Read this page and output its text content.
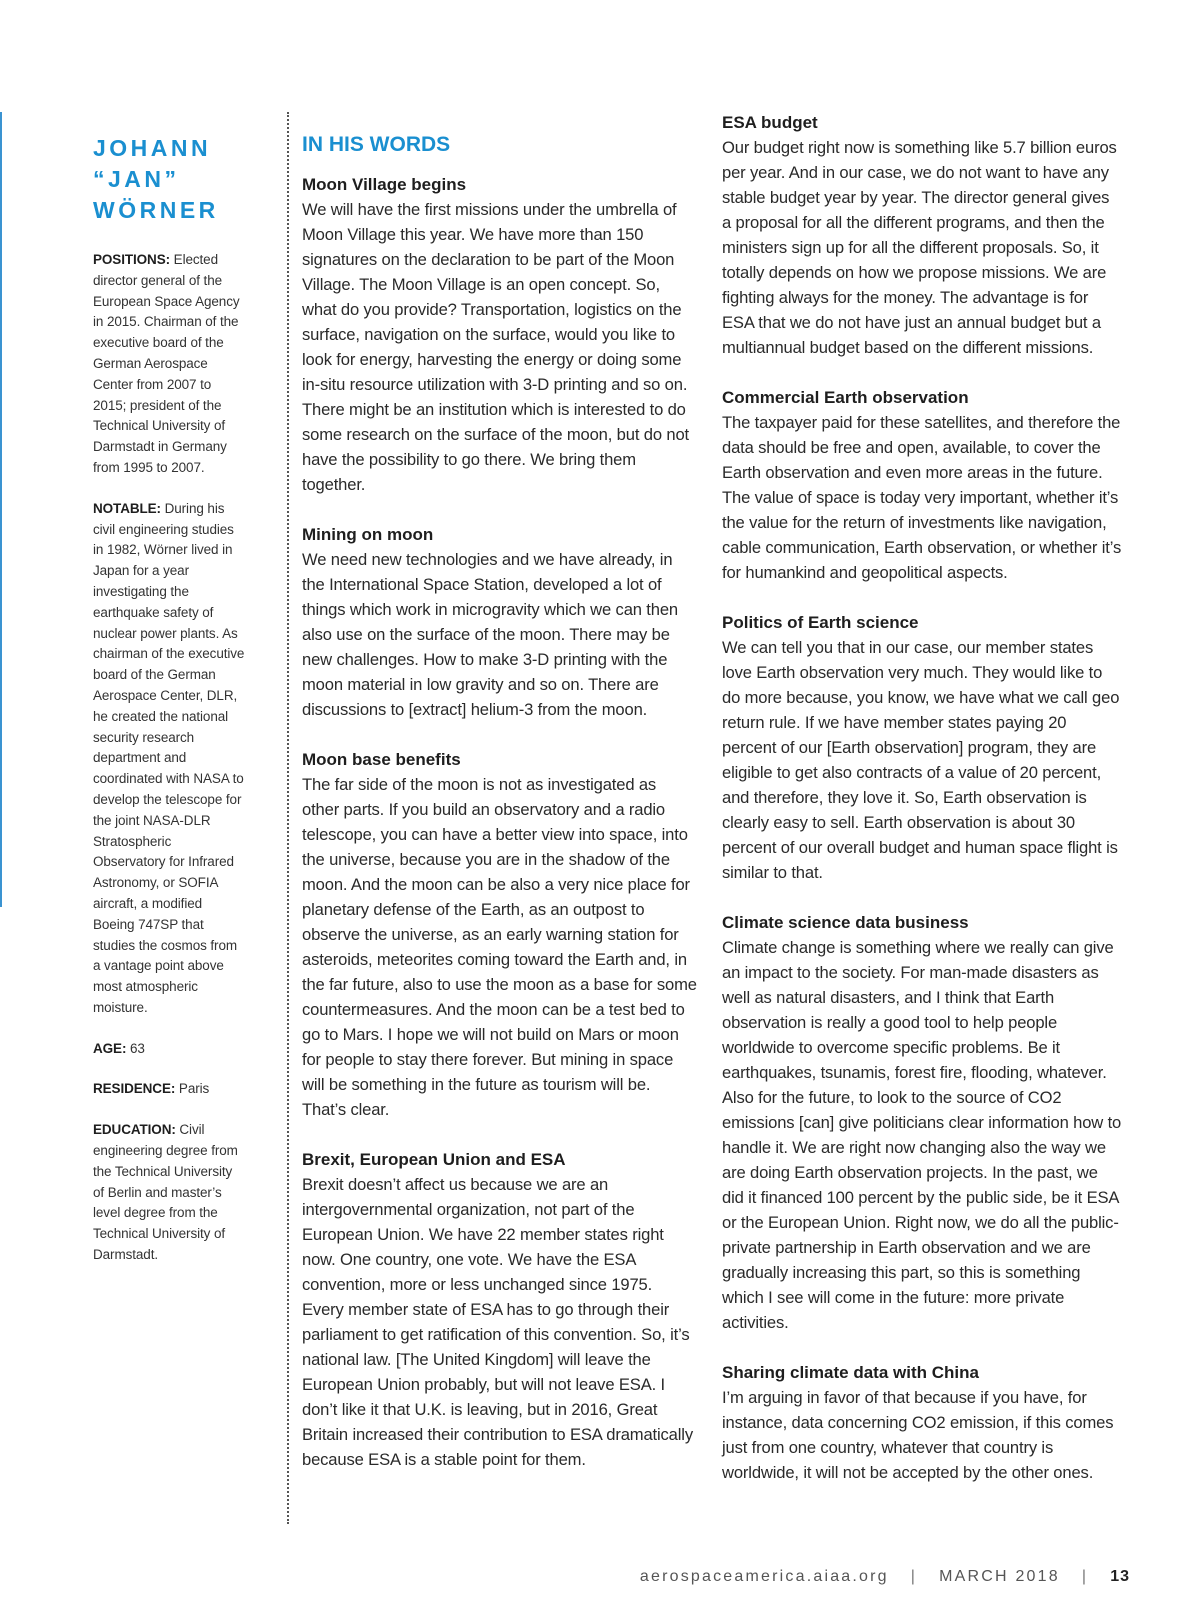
JOHANN
“JAN”
WÖRNER

POSITIONS: Elected director general of the European Space Agency in 2015. Chairman of the executive board of the German Aerospace Center from 2007 to 2015; president of the Technical University of Darmstadt in Germany from 1995 to 2007.

NOTABLE: During his civil engineering studies in 1982, Wörner lived in Japan for a year investigating the earthquake safety of nuclear power plants. As chairman of the executive board of the German Aerospace Center, DLR, he created the national security research department and coordinated with NASA to develop the telescope for the joint NASA-DLR Stratospheric Observatory for Infrared Astronomy, or SOFIA aircraft, a modified Boeing 747SP that studies the cosmos from a vantage point above most atmospheric moisture.

AGE: 63

RESIDENCE: Paris

EDUCATION: Civil engineering degree from the Technical University of Berlin and master’s level degree from the Technical University of Darmstadt.

IN HIS WORDS
Moon Village begins
We will have the first missions under the umbrella of Moon Village this year. We have more than 150 signatures on the declaration to be part of the Moon Village. The Moon Village is an open concept. So, what do you provide? Transportation, logistics on the surface, navigation on the surface, would you like to look for energy, harvesting the energy or doing some in-situ resource utilization with 3-D printing and so on. There might be an institution which is interested to do some research on the surface of the moon, but do not have the possibility to go there. We bring them together.
Mining on moon
We need new technologies and we have already, in the International Space Station, developed a lot of things which work in microgravity which we can then also use on the surface of the moon. There may be new challenges. How to make 3-D printing with the moon material in low gravity and so on. There are discussions to [extract] helium-3 from the moon.
Moon base benefits
The far side of the moon is not as investigated as other parts. If you build an observatory and a radio telescope, you can have a better view into space, into the universe, because you are in the shadow of the moon. And the moon can be also a very nice place for planetary defense of the Earth, as an outpost to observe the universe, as an early warning station for asteroids, meteorites coming toward the Earth and, in the far future, also to use the moon as a base for some countermeasures. And the moon can be a test bed to go to Mars. I hope we will not build on Mars or moon for people to stay there forever. But mining in space will be something in the future as tourism will be. That’s clear.
Brexit, European Union and ESA
Brexit doesn’t affect us because we are an intergovernmental organization, not part of the European Union. We have 22 member states right now. One country, one vote. We have the ESA convention, more or less unchanged since 1975. Every member state of ESA has to go through their parliament to get ratification of this convention. So, it’s national law. [The United Kingdom] will leave the European Union probably, but will not leave ESA. I don’t like it that U.K. is leaving, but in 2016, Great Britain increased their contribution to ESA dramatically because ESA is a stable point for them.
ESA budget
Our budget right now is something like 5.7 billion euros per year. And in our case, we do not want to have any stable budget year by year. The director general gives a proposal for all the different programs, and then the ministers sign up for all the different proposals. So, it totally depends on how we propose missions. We are fighting always for the money. The advantage is for ESA that we do not have just an annual budget but a multiannual budget based on the different missions.
Commercial Earth observation
The taxpayer paid for these satellites, and therefore the data should be free and open, available, to cover the Earth observation and even more areas in the future. The value of space is today very important, whether it’s the value for the return of investments like navigation, cable communication, Earth observation, or whether it’s for humankind and geopolitical aspects.
Politics of Earth science
We can tell you that in our case, our member states love Earth observation very much. They would like to do more because, you know, we have what we call geo return rule. If we have member states paying 20 percent of our [Earth observation] program, they are eligible to get also contracts of a value of 20 percent, and therefore, they love it. So, Earth observation is clearly easy to sell. Earth observation is about 30 percent of our overall budget and human space flight is similar to that.
Climate science data business
Climate change is something where we really can give an impact to the society. For man-made disasters as well as natural disasters, and I think that Earth observation is really a good tool to help people worldwide to overcome specific problems. Be it earthquakes, tsunamis, forest fire, flooding, whatever. Also for the future, to look to the source of CO2 emissions [can] give politicians clear information how to handle it. We are right now changing also the way we are doing Earth observation projects. In the past, we did it financed 100 percent by the public side, be it ESA or the European Union. Right now, we do all the public-private partnership in Earth observation and we are gradually increasing this part, so this is something which I see will come in the future: more private activities.
Sharing climate data with China
I’m arguing in favor of that because if you have, for instance, data concerning CO2 emission, if this comes just from one country, whatever that country is worldwide, it will not be accepted by the other ones.
aerospaceamerica.aiaa.org | MARCH 2018 | 13
